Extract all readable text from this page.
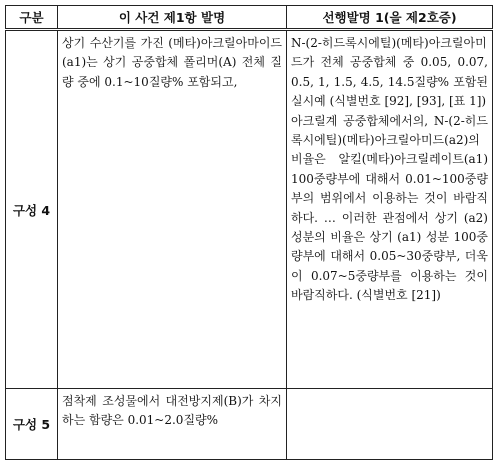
구분	이 사건 제1항 발명	선행발명 1(을 제2호증)
구성 4	상기 수산기를 가진 (메타)아크릴아마이드(a1)는 상기 공중합체 폴리머(A) 전체 질량 중에 0.1~10질량% 포함되고,	N-(2-히드록시에틸)(메타)아크릴아미드가 전체 공중합체 중 0.05, 0.07, 0.5, 1, 1.5, 4.5, 14.5질량% 포함된 실시예 (식별번호 [92], [93], [표 1])

아크릴계 공중합체에서의, N-(2-히드록시에틸)(메타)아크릴아미드(a2)의 비율은 알킬(메타)아크릴레이트(a1) 100중량부에 대해서 0.01~100중량부의 범위에서 이용하는 것이 바람직하다. … 이러한 관점에서 상기 (a2) 성분의 비율은 상기 (a1) 성분 100중량부에 대해서 0.05~30중량부, 더욱이 0.07~5중량부를 이용하는 것이 바람직하다. (식별번호 [21])

구성 5	점착제 조성물에서 대전방지제(B)가 차지하는 함량은 0.01~2.0질량%	
